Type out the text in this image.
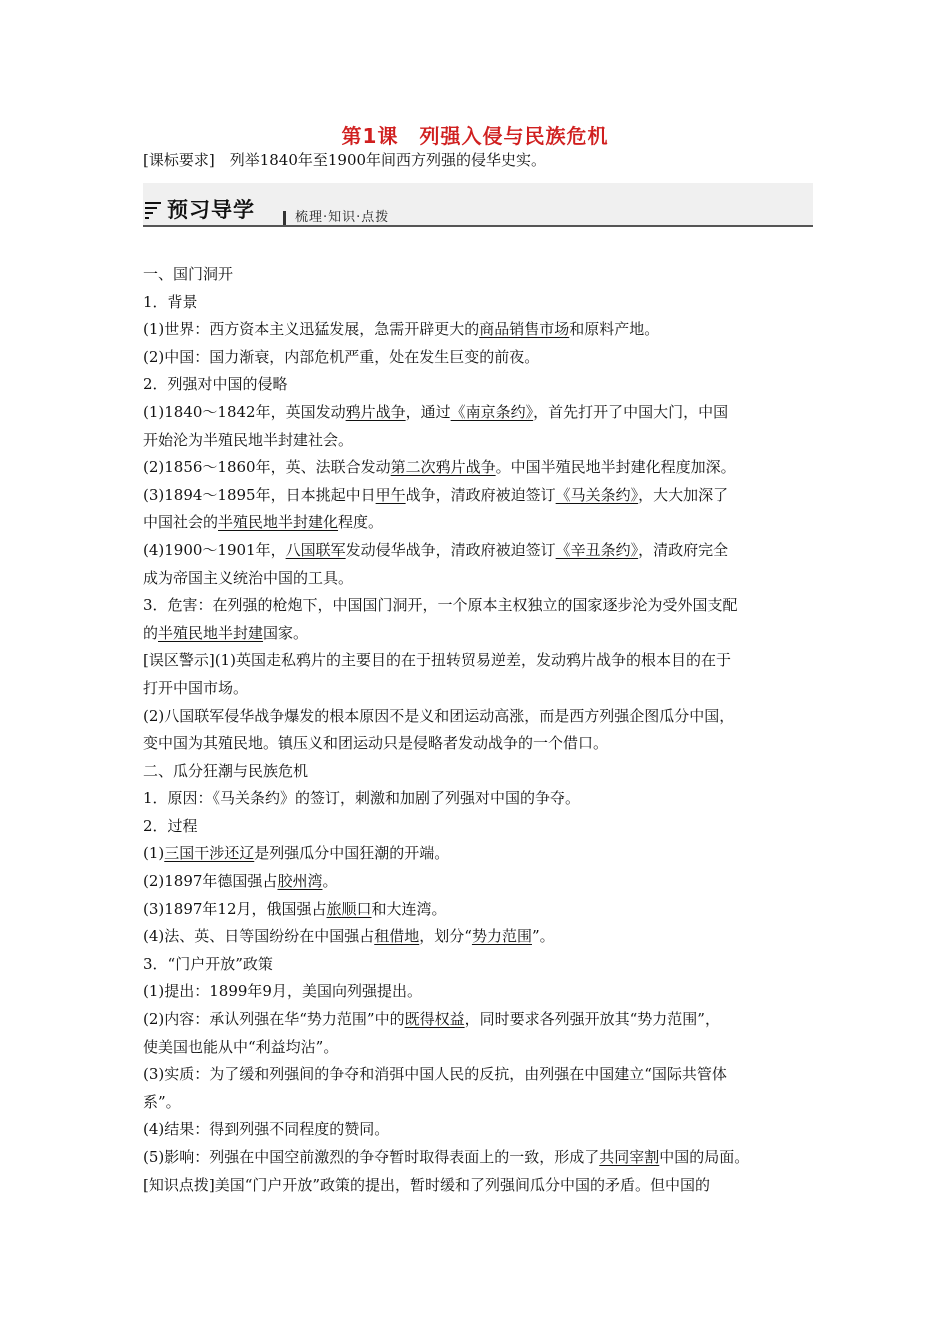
第1课　列强入侵与民族危机
[课标要求]　列举1840年至1900年间西方列强的侵华史实。
预习导学	梳理·知识·点拨
一、国门洞开
1．背景
(1)世界：西方资本主义迅猛发展，急需开辟更大的商品销售市场和原料产地。
(2)中国：国力渐衰，内部危机严重，处在发生巨变的前夜。
2．列强对中国的侵略
(1)1840～1842年，英国发动鸦片战争，通过《南京条约》，首先打开了中国大门，中国
开始沦为半殖民地半封建社会。
(2)1856～1860年，英、法联合发动第二次鸦片战争。中国半殖民地半封建化程度加深。
(3)1894～1895年，日本挑起中日甲午战争，清政府被迫签订《马关条约》，大大加深了
中国社会的半殖民地半封建化程度。
(4)1900～1901年，八国联军发动侵华战争，清政府被迫签订《辛丑条约》，清政府完全
成为帝国主义统治中国的工具。
3．危害：在列强的枪炮下，中国国门洞开，一个原本主权独立的国家逐步沦为受外国支配
的半殖民地半封建国家。
[误区警示](1)英国走私鸦片的主要目的在于扭转贸易逆差，发动鸦片战争的根本目的在于
打开中国市场。
(2)八国联军侵华战争爆发的根本原因不是义和团运动高涨，而是西方列强企图瓜分中国，
变中国为其殖民地。镇压义和团运动只是侵略者发动战争的一个借口。
二、瓜分狂潮与民族危机
1．原因：《马关条约》的签订，刺激和加剧了列强对中国的争夺。
2．过程
(1)三国干涉还辽是列强瓜分中国狂潮的开端。
(2)1897年德国强占胶州湾。
(3)1897年12月，俄国强占旅顺口和大连湾。
(4)法、英、日等国纷纷在中国强占租借地，划分“势力范围”。
3．“门户开放”政策
(1)提出：1899年9月，美国向列强提出。
(2)内容：承认列强在华“势力范围”中的既得权益，同时要求各列强开放其“势力范围”，
使美国也能从中“利益均沾”。
(3)实质：为了缓和列强间的争夺和消弭中国人民的反抗，由列强在中国建立“国际共管体
系”。
(4)结果：得到列强不同程度的赞同。
(5)影响：列强在中国空前激烈的争夺暂时取得表面上的一致，形成了共同宰割中国的局面。
[知识点拨]美国“门户开放”政策的提出，暂时缓和了列强间瓜分中国的矛盾。但中国的
